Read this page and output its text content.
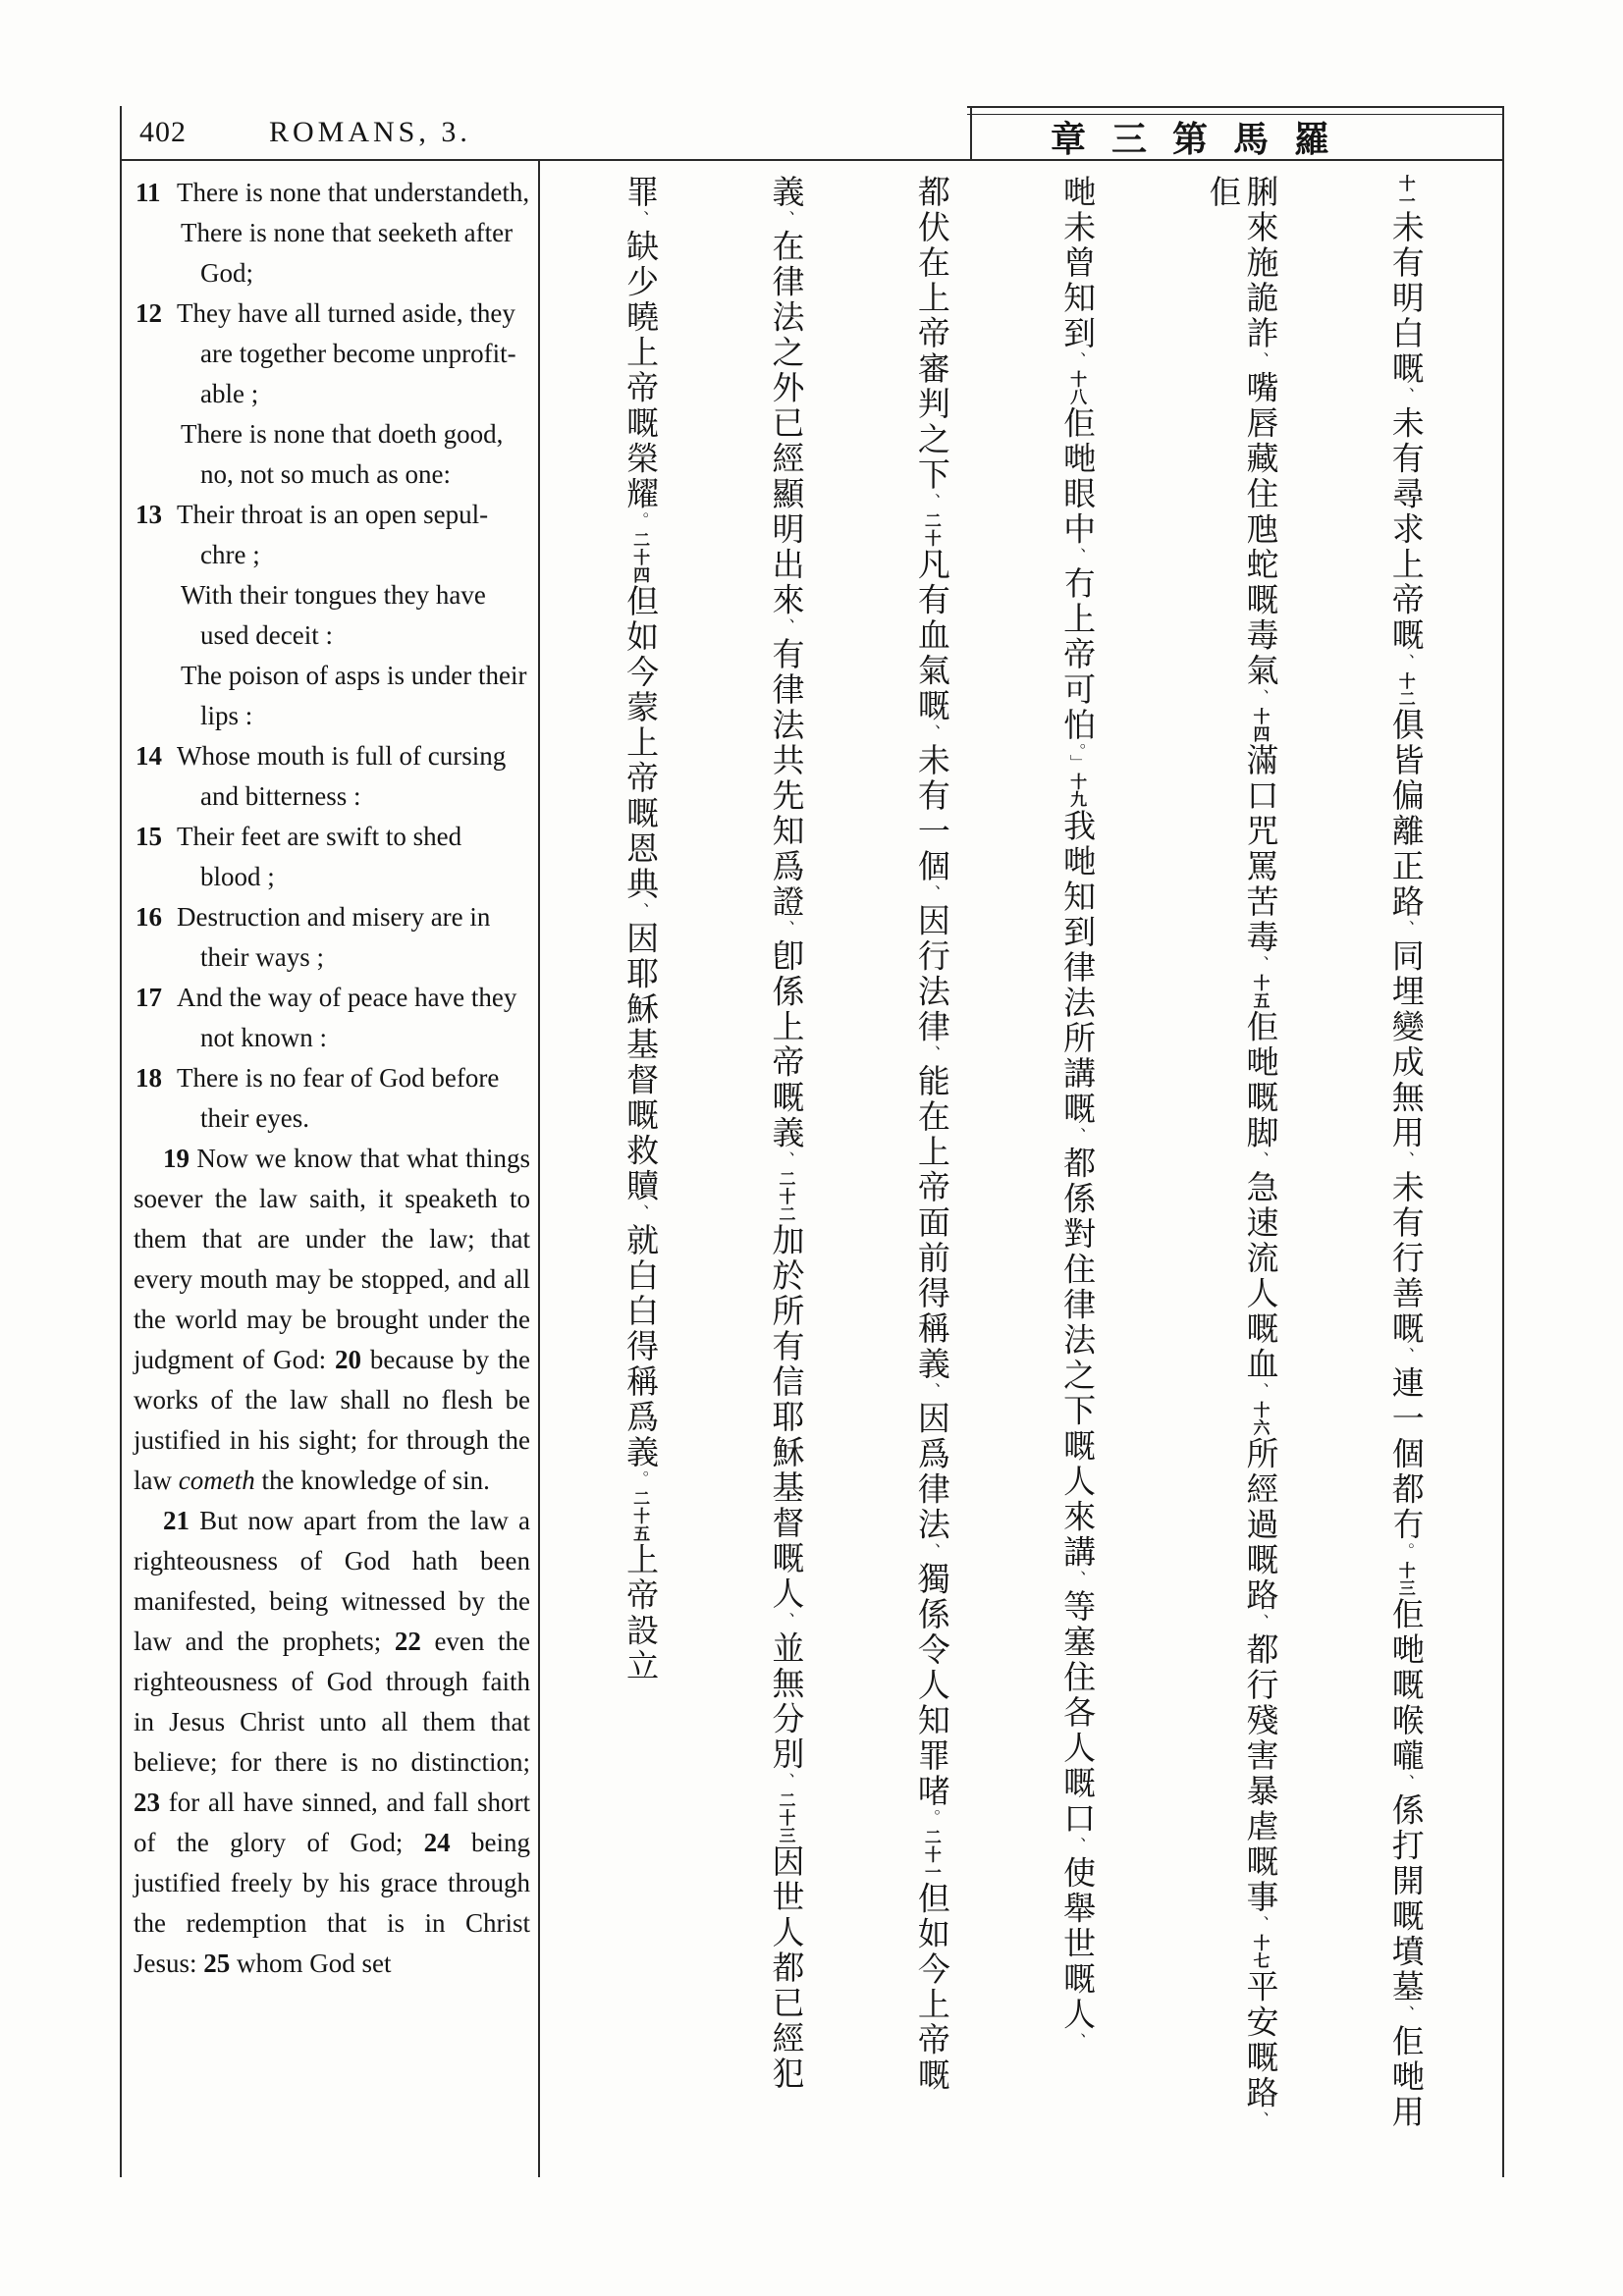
402	ROMANS, 3.	章三第馬羅
11 There is none that understandeth,
There is none that seeketh after
God;
12 They have all turned aside, they
are together become unprofit-
able ;
There is none that doeth good,
no, not so much as one:
13 Their throat is an open sepul-
chre ;
With their tongues they have
used deceit :
The poison of asps is under their
lips :
14 Whose mouth is full of cursing
and bitterness :
15 Their feet are swift to shed
blood ;
16 Destruction and misery are in
their ways ;
17 And the way of peace have they
not known :
18 There is no fear of God before
their eyes.

19 Now we know that what things soever the law saith, it speaketh to them that are under the law; that every mouth may be stopped, and all the world may be brought under the judgment of God: 20 because by the works of the law shall no flesh be justified in his sight; for through the law cometh the knowledge of sin.

21 But now apart from the law a righteousness of God hath been manifested, being witnessed by the law and the prophets; 22 even the righteousness of God through faith in Jesus Christ unto all them that believe; for there is no distinction; 23 for all have sinned, and fall short of the glory of God; 24 being justified freely by his grace through the redemption that is in Christ Jesus: 25 whom God set

十一未有明白嘅、未有尋求上帝嘅、十二俱皆偏離正路、同埋變成無用、未有行善嘅、連一個都冇。十三佢哋嘅喉嚨、係打開嘅墳墓、佢哋用
脷來施詭詐、嘴唇藏住虺蛇嘅毒氣、十四滿口咒罵苦毒、十五佢哋嘅脚、急速流人嘅血、十六所經過嘅路、都行殘害暴虐嘅事、十七平安嘅路、佢
哋未曾知到、十八佢哋眼中、冇上帝可怕。」十九我哋知到律法所講嘅、都係對住律法之下嘅人來講、等塞住各人嘅口、使舉世嘅人、
都伏在上帝審判之下、二十凡有血氣嘅、未有一個、因行法律、能在上帝面前得稱義、因爲律法、獨係令人知罪啫。二十一但如今上帝嘅
義、在律法之外已經顯明出來、有律法共先知爲證、卽係上帝嘅義、二十二加於所有信耶穌基督嘅人、並無分別、二十三因世人都已經犯
罪、缺少曉上帝嘅榮耀。二十四但如今蒙上帝嘅恩典、因耶穌基督嘅救贖、就白白得稱爲義。二十五上帝設立
